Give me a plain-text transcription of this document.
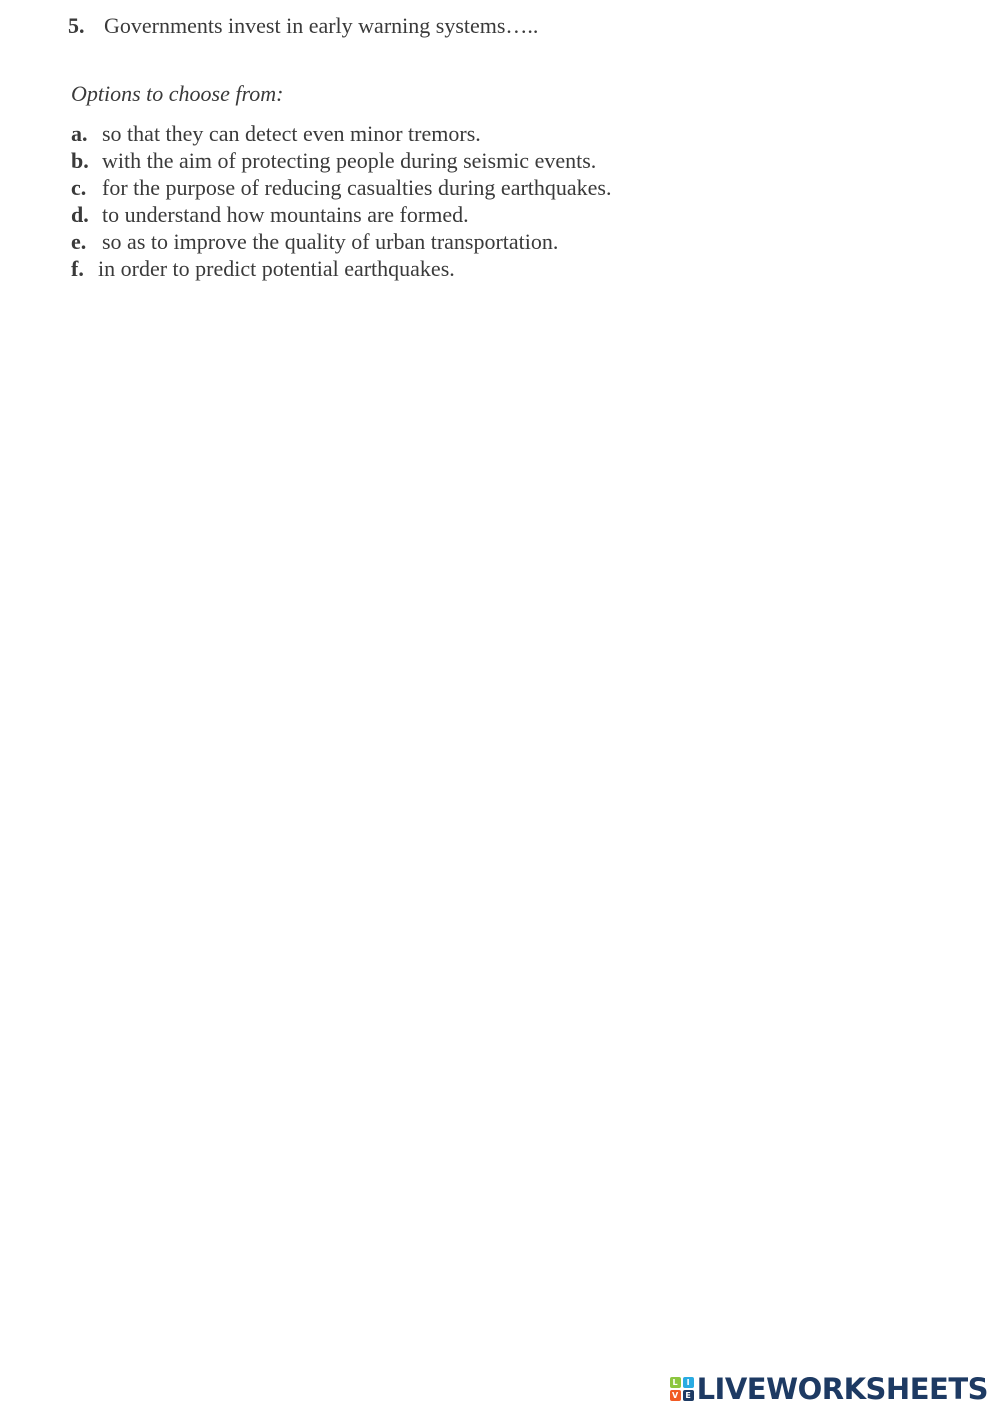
5. Governments invest in early warning systems…..
Options to choose from:
a. so that they can detect even minor tremors.
b. with the aim of protecting people during seismic events.
c. for the purpose of reducing casualties during earthquakes.
d. to understand how mountains are formed.
e. so as to improve the quality of urban transportation.
f. in order to predict potential earthquakes.
L	I
V E LIVEWORKSHEETS
